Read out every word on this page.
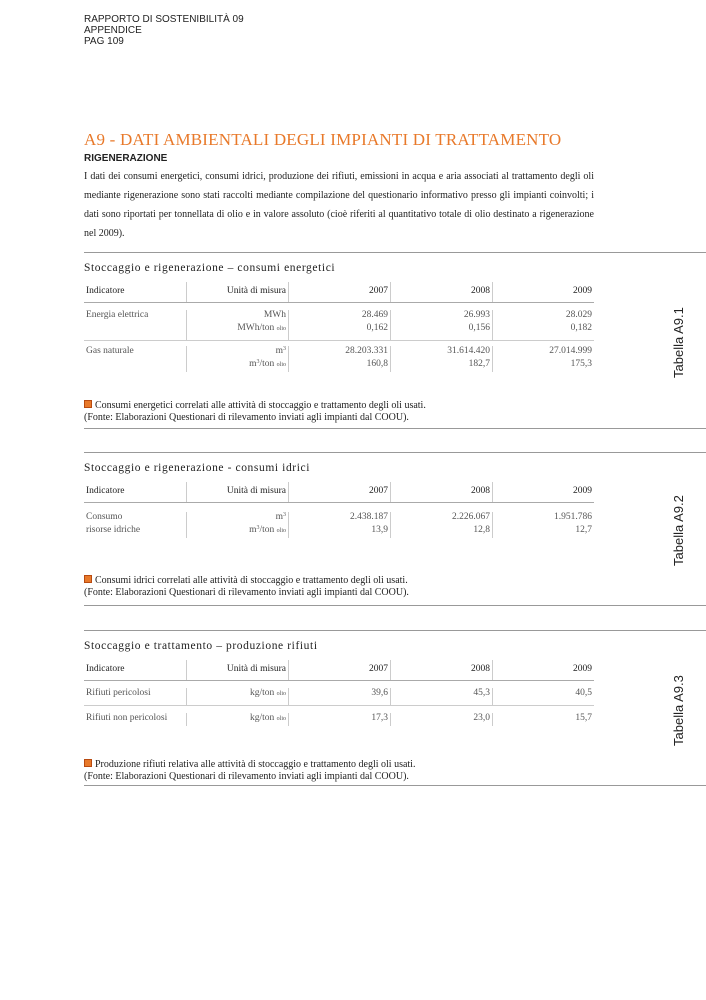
RAPPORTO DI SOSTENIBILITÀ 09
APPENDICE
PAG 109
A9 - DATI AMBIENTALI DEGLI IMPIANTI DI TRATTAMENTO
RIGENERAZIONE
I dati dei consumi energetici, consumi idrici, produzione dei rifiuti, emissioni in acqua e aria associati al trattamento degli oli mediante rigenerazione sono stati raccolti mediante compilazione del questionario informativo presso gli impianti coinvolti; i dati sono riportati per tonnellata di olio e in valore assoluto (cioè riferiti al quantitativo totale di olio destinato a rigenerazione nel 2009).
Stoccaggio e rigenerazione – consumi energetici
Indicatore	Unità di misura	2007	2008	2009

Energia elettrica	MWh	28.469	26.993	28.029
	MWh/ton olio	0,162	0,156	0,182

Gas naturale	$m^3$	28.203.331	31.614.420	27.014.999
	$m^3$/ton olio	160,8	182,7	175,3
Consumi energetici correlati alle attività di stoccaggio e trattamento degli oli usati.
(Fonte: Elaborazioni Questionari di rilevamento inviati agli impianti dal COOU).
Tabella A9.1
Stoccaggio e rigenerazione - consumi idrici
Indicatore	Unità di misura	2007	2008	2009

Consumo	$m^3$	2.438.187	2.226.067	1.951.786
risorse idriche	$m^3$/ton olio	13,9	12,8	12,7
Consumi idrici correlati alle attività di stoccaggio e trattamento degli oli usati.
(Fonte: Elaborazioni Questionari di rilevamento inviati agli impianti dal COOU).
Tabella A9.2
Stoccaggio e trattamento – produzione rifiuti
Indicatore	Unità di misura	2007	2008	2009

Rifiuti pericolosi	kg/ton olio	39,6	45,3	40,5

Rifiuti non pericolosi	kg/ton olio	17,3	23,0	15,7
Produzione rifiuti relativa alle attività di stoccaggio e trattamento degli oli usati.
(Fonte: Elaborazioni Questionari di rilevamento inviati agli impianti dal COOU).
Tabella A9.3
